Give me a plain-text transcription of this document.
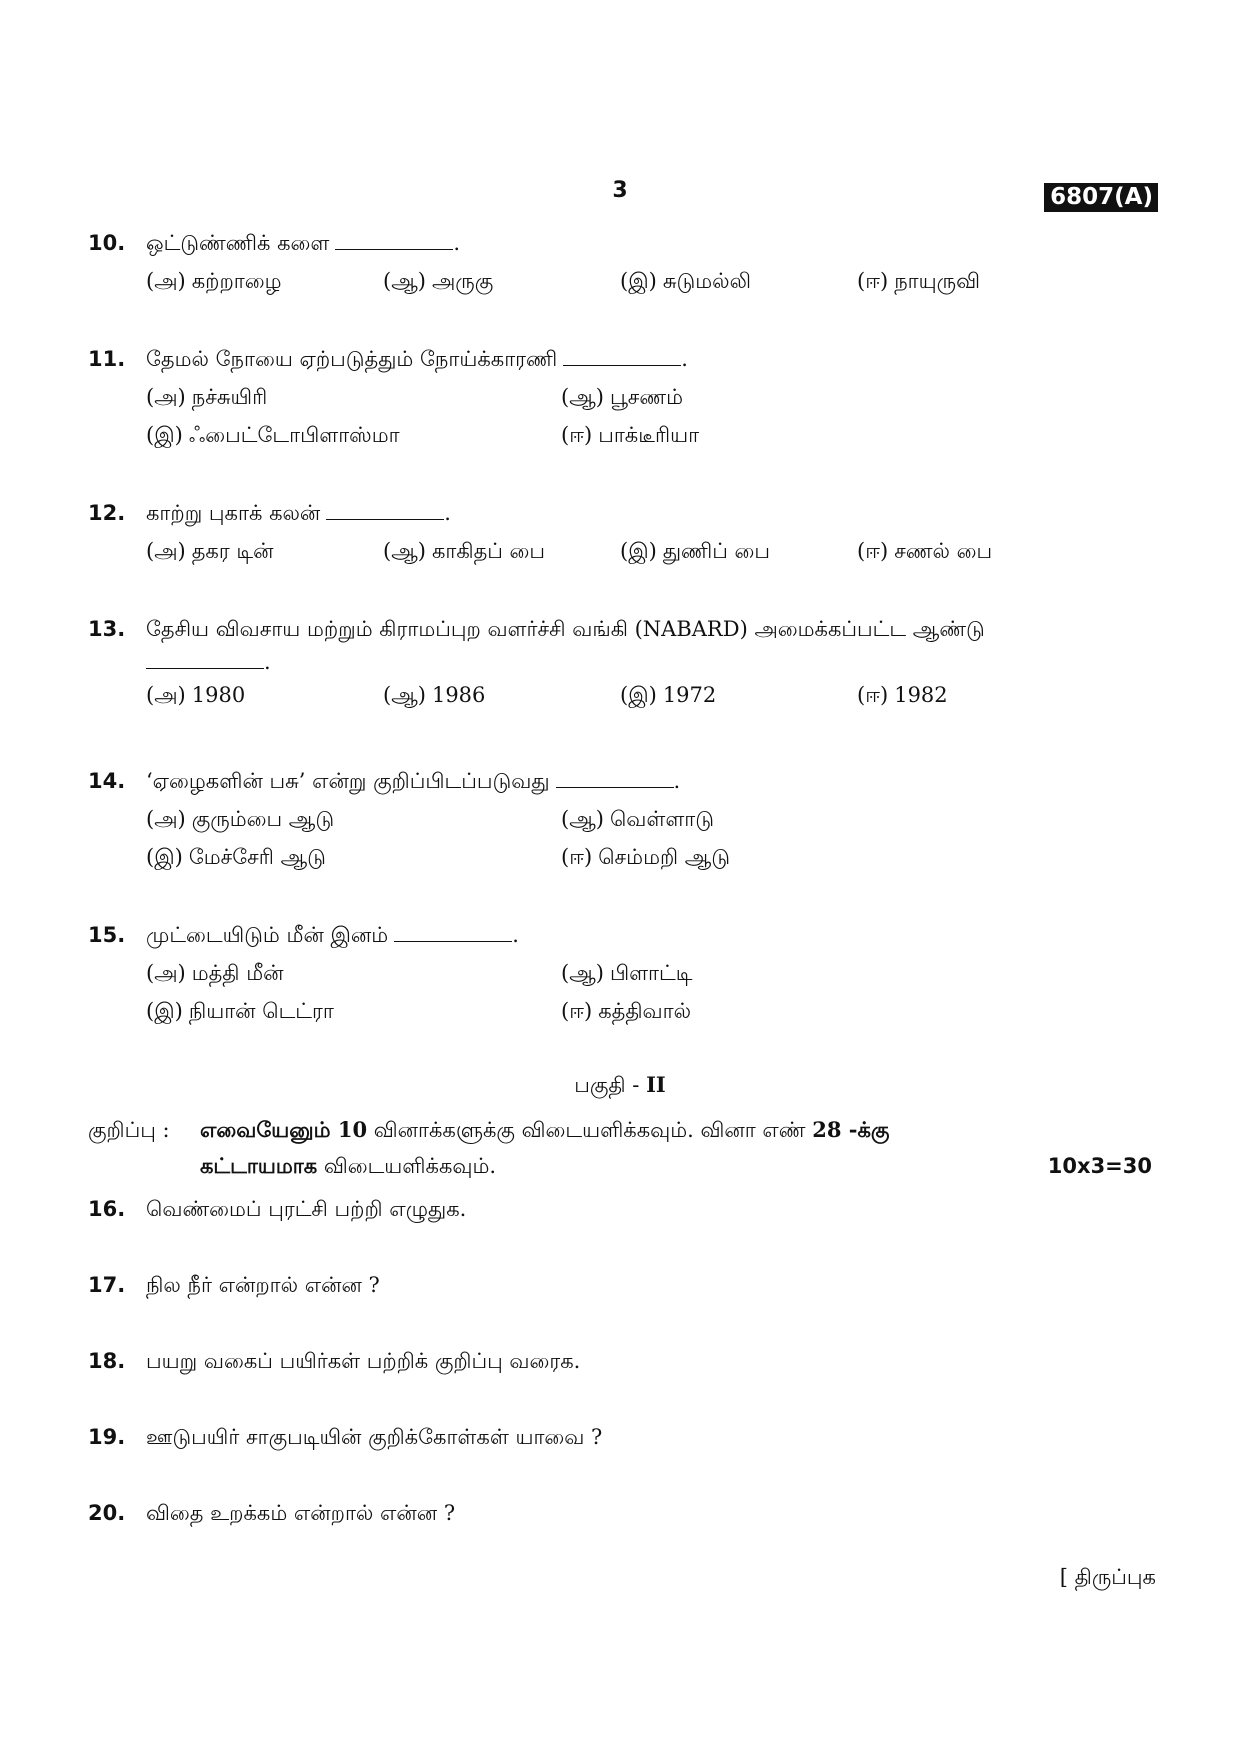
3	6807(A)
10. ஒட்டுண்ணிக் களை	.
(அ) கற்றாழை	(ஆ) அருகு	(இ) சுடுமல்லி	(ஈ) நாயுருவி
11. தேமல் நோயை ஏற்படுத்தும் நோய்க்காரணி	.
(அ) நச்சுயிரி	(ஆ) பூசணம்
(இ) ஃபைட்டோபிளாஸ்மா	(ஈ) பாக்டீரியா
12. காற்று புகாக் கலன்	.
(அ) தகர டின்	(ஆ) காகிதப் பை	(இ) துணிப் பை	(ஈ) சணல் பை
13. தேசிய விவசாய மற்றும் கிராமப்புற வளர்ச்சி வங்கி (NABARD) அமைக்கப்பட்ட ஆண்டு
.
(அ) 1980	(ஆ) 1986	(இ) 1972	(ஈ) 1982
14. ‘ஏழைகளின் பசு’ என்று குறிப்பிடப்படுவது	.
(அ) குரும்பை ஆடு	(ஆ) வெள்ளாடு
(இ) மேச்சேரி ஆடு	(ஈ) செம்மறி ஆடு
15. முட்டையிடும் மீன் இனம்	.
(அ) மத்தி மீன்	(ஆ) பிளாட்டி
(இ) நியான் டெட்ரா	(ஈ) கத்திவால்
பகுதி - II
குறிப்பு :	எவையேனும் 10 வினாக்களுக்கு விடையளிக்கவும். வினா எண் 28 -க்கு
கட்டாயமாக விடையளிக்கவும்.	10x3=30
16. வெண்மைப் புரட்சி பற்றி எழுதுக.
17. நில நீர் என்றால் என்ன ?
18. பயறு வகைப் பயிர்கள் பற்றிக் குறிப்பு வரைக.
19. ஊடுபயிர் சாகுபடியின் குறிக்கோள்கள் யாவை ?
20. விதை உறக்கம் என்றால் என்ன ?
[ திருப்புக
